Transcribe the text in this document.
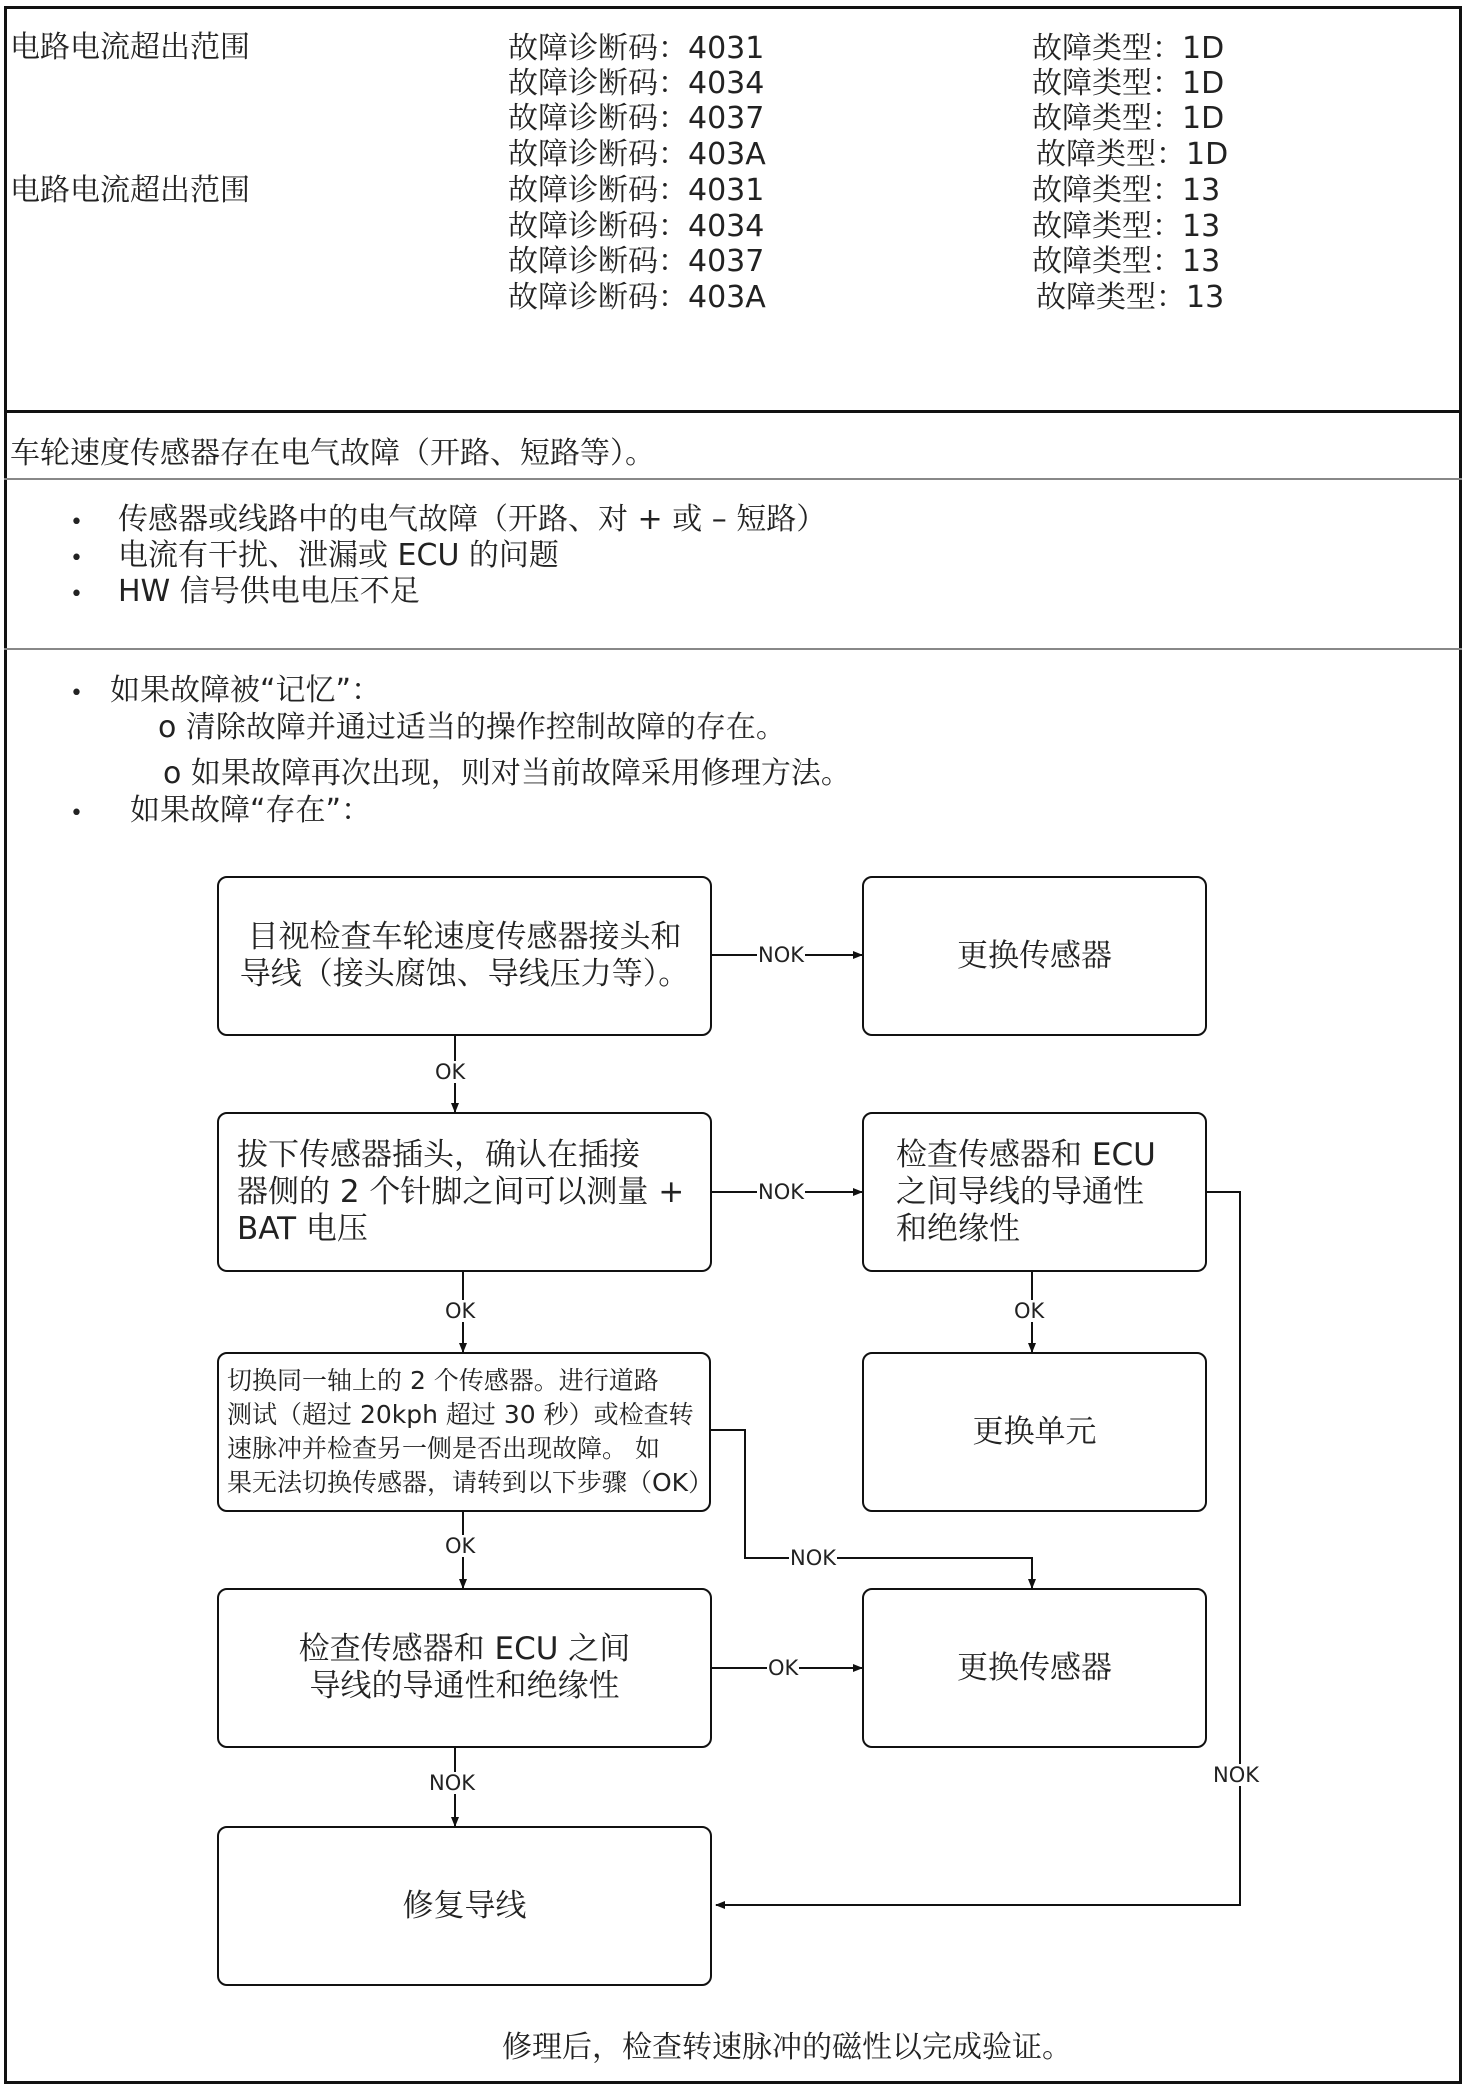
电路电流超出范围	故障诊断码：4031	故障类型：1D
故障诊断码：4034	故障类型：1D
故障诊断码：4037	故障类型：1D
故障诊断码：403A	故障类型：1D
电路电流超出范围	故障诊断码：4031	故障类型：13
故障诊断码：4034	故障类型：13
故障诊断码：4037	故障类型：13
故障诊断码：403A	故障类型：13
车轮速度传感器存在电气故障（开路、短路等）。
• 传感器或线路中的电气故障（开路、对 + 或 – 短路）
• 电流有干扰、泄漏或 ECU 的问题
• HW 信号供电电压不足
• 如果故障被“记忆”：
o 清除故障并通过适当的操作控制故障的存在。
o 如果故障再次出现，则对当前故障采用修理方法。
• 如果故障“存在”：
目视检查车轮速度传感器接头和
导线（接头腐蚀、导线压力等）。
更换传感器
拔下传感器插头，确认在插接
器侧的 2 个针脚之间可以测量 +
BAT 电压
检查传感器和 ECU
之间导线的导通性
和绝缘性
切换同一轴上的 2 个传感器。进行道路
测试（超过 20kph 超过 30 秒）或检查转
速脉冲并检查另一侧是否出现故障。 如
果无法切换传感器，请转到以下步骤（OK）
更换单元
检查传感器和 ECU 之间
导线的导通性和绝缘性
更换传感器
修复导线
NOK
OK
NOK
OK	OK
NOK
OK
OK
NOK	NOK
修理后，检查转速脉冲的磁性以完成验证。
